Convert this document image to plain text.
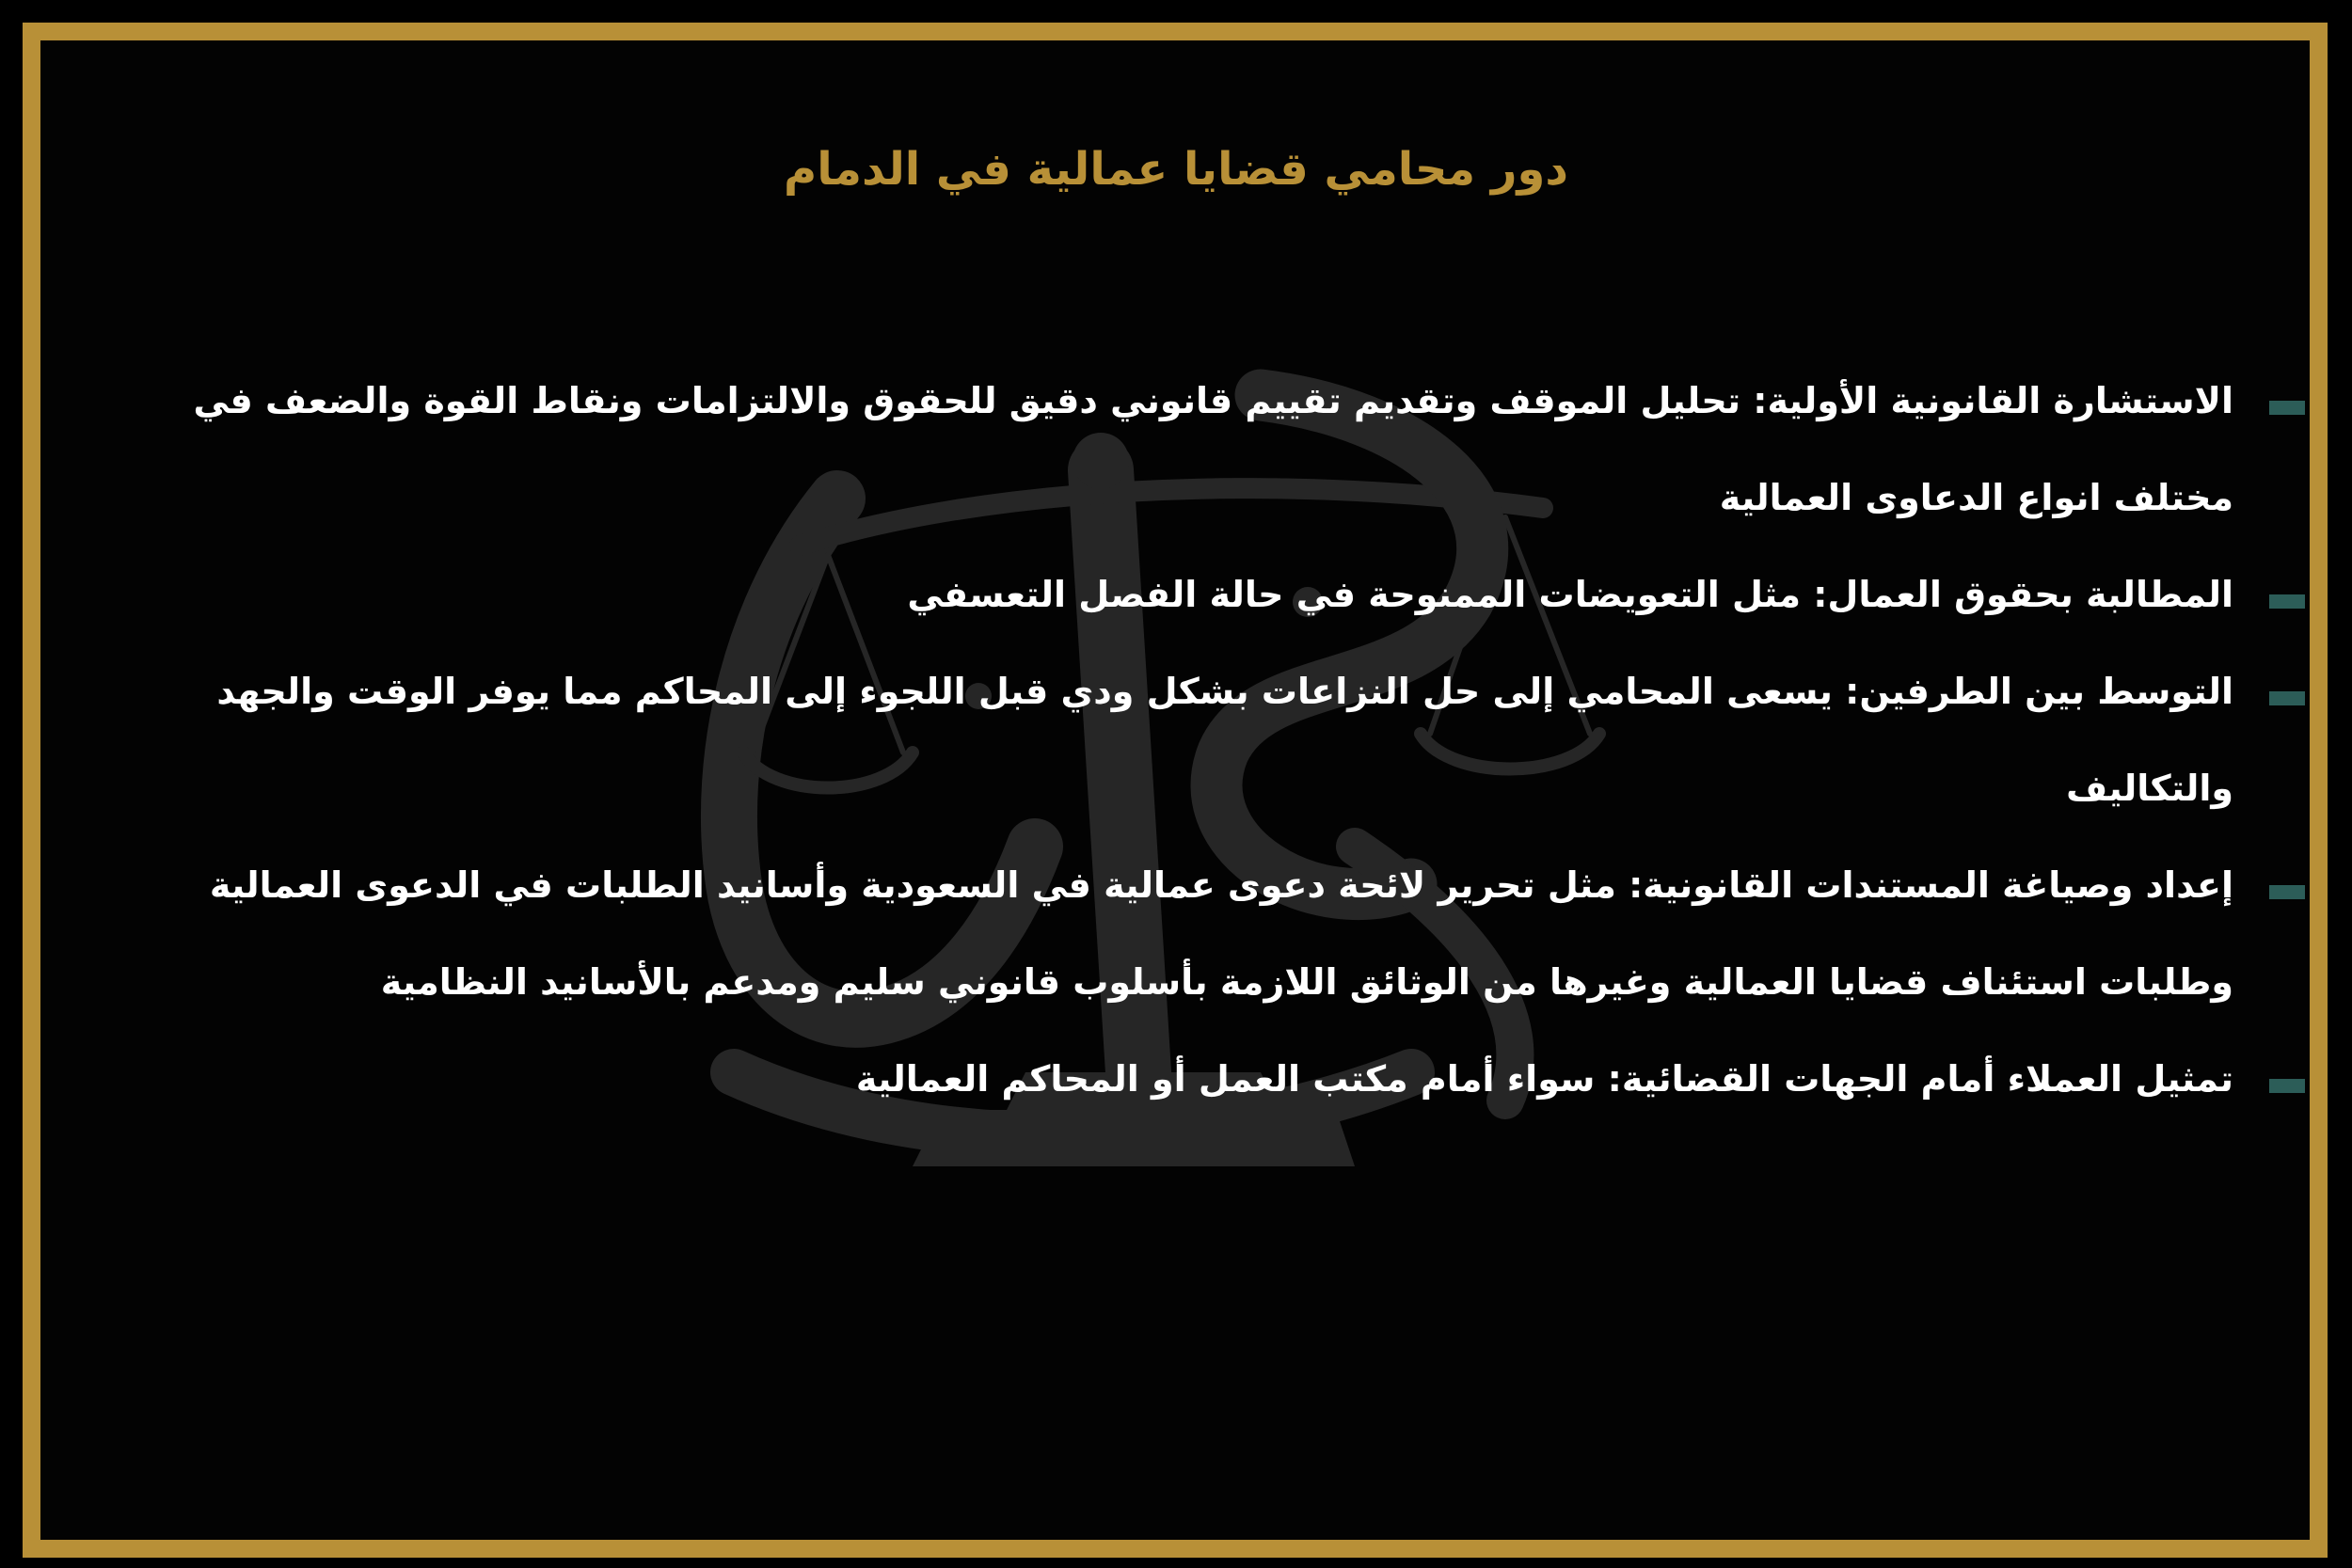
دور محامي قضايا عمالية في الدمام
الاستشارة القانونية الأولية: تحليل الموقف وتقديم تقييم قانوني دقيق للحقوق والالتزامات ونقاط القوة والضعف في مختلف انواع الدعاوى العمالية
المطالبة بحقوق العمال: مثل التعويضات الممنوحة في حالة الفصل التعسفي
التوسط بين الطرفين: يسعى المحامي إلى حل النزاعات بشكل ودي قبل اللجوء إلى المحاكم مما يوفر الوقت والجهد والتكاليف
إعداد وصياغة المستندات القانونية: مثل تحرير لائحة دعوى عمالية في السعودية وأسانيد الطلبات في الدعوى العمالية وطلبات استئناف قضايا العمالية وغيرها من الوثائق اللازمة بأسلوب قانوني سليم ومدعم بالأسانيد النظامية
تمثيل العملاء أمام الجهات القضائية: سواء أمام مكتب العمل أو المحاكم العمالية
